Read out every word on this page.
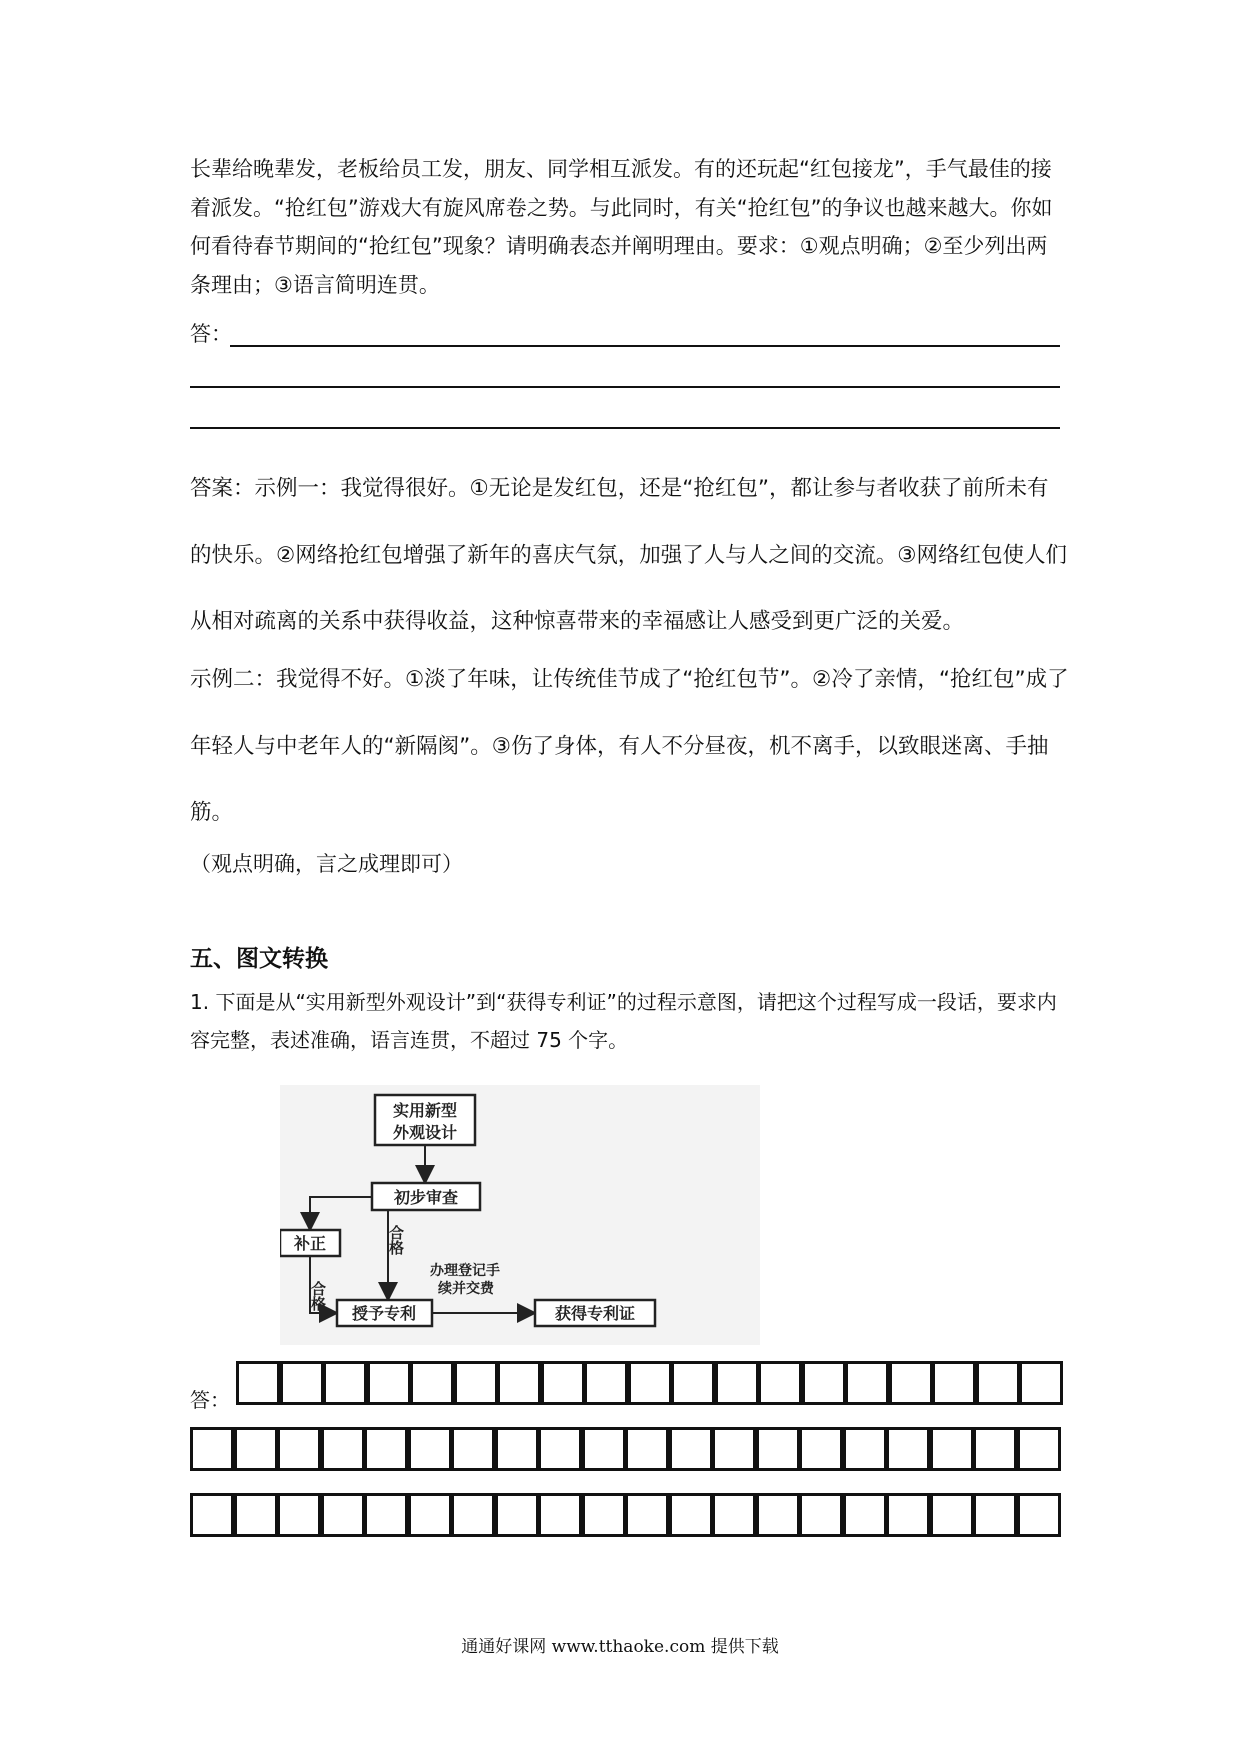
长辈给晚辈发，老板给员工发，朋友、同学相互派发。有的还玩起“红包接龙”，手气最佳的接着派发。“抢红包”游戏大有旋风席卷之势。与此同时，有关“抢红包”的争议也越来越大。你如何看待春节期间的“抢红包”现象？请明确表态并阐明理由。要求：①观点明确；②至少列出两条理由；③语言简明连贯。

答：

答案：示例一：我觉得很好。①无论是发红包，还是“抢红包”，都让参与者收获了前所未有的快乐。②网络抢红包增强了新年的喜庆气氛，加强了人与人之间的交流。③网络红包使人们从相对疏离的关系中获得收益，这种惊喜带来的幸福感让人感受到更广泛的关爱。

示例二：我觉得不好。①淡了年味，让传统佳节成了“抢红包节”。②冷了亲情，“抢红包”成了年轻人与中老年人的“新隔阂”。③伤了身体，有人不分昼夜，机不离手，以致眼迷离、手抽筋。

（观点明确，言之成理即可）

五、图文转换

1. 下面是从“实用新型外观设计”到“获得专利证”的过程示意图，请把这个过程写成一段话，要求内容完整，表述准确，语言连贯，不超过 75 个字。

实用新型
外观设计
初步审查
补正
合格
合格
授予专利
办理登记手
续并交费
获得专利证
答：
通通好课网 www.tthaoke.com 提供下载
